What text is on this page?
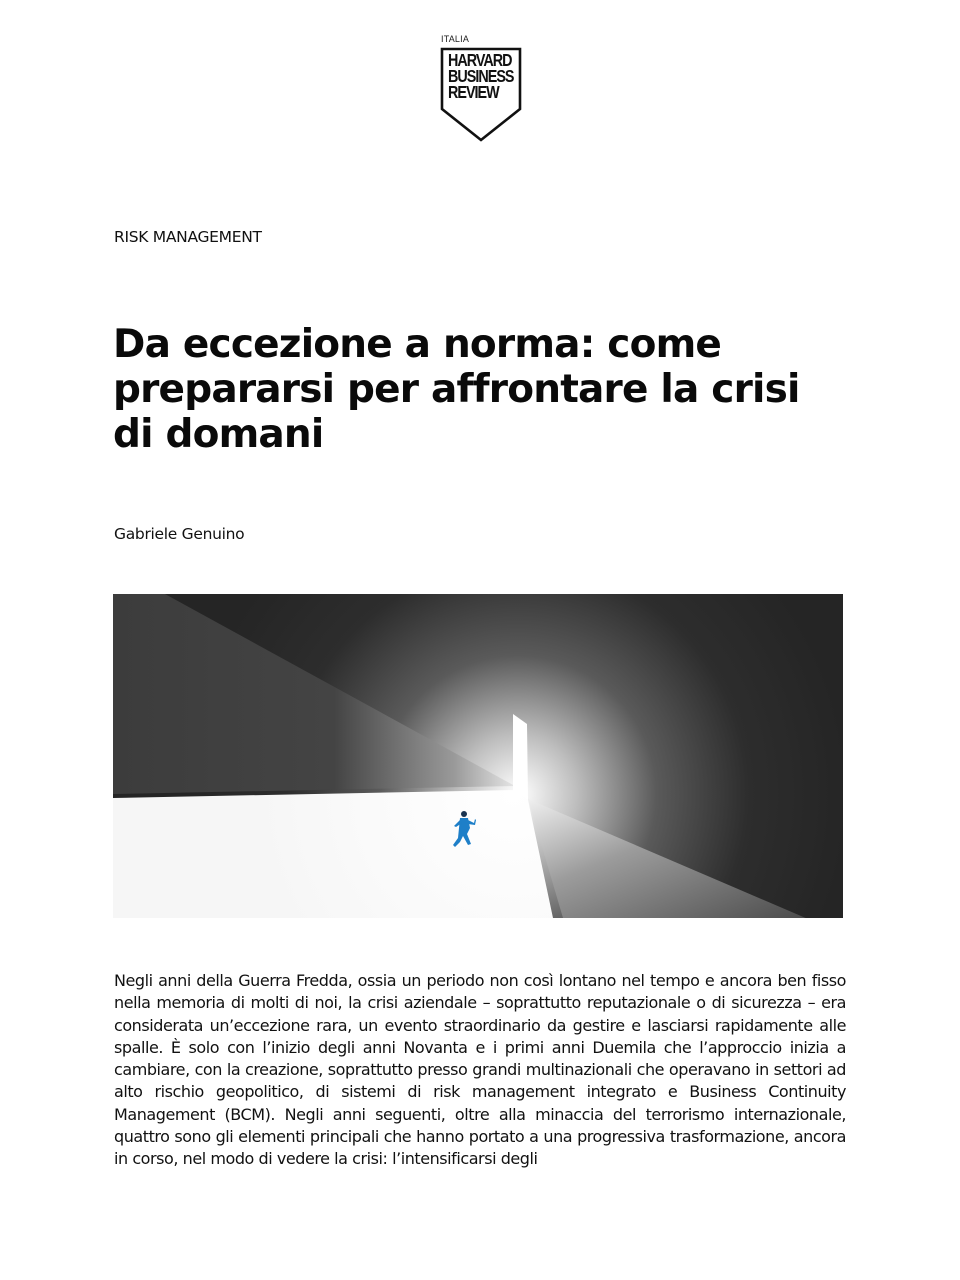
ITALIA
HARVARD
BUSINESS
REVIEW
RISK MANAGEMENT
Da eccezione a norma: come prepararsi per affrontare la crisi di domani
Gabriele Genuino

Negli anni della Guerra Fredda, ossia un periodo non così lontano nel tempo e ancora ben fisso nella memoria di molti di noi, la crisi aziendale – soprattutto reputazionale o di sicurezza – era considerata un’eccezione rara, un evento straordinario da gestire e lasciarsi rapidamente alle spalle. È solo con l’inizio degli anni Novanta e i primi anni Duemila che l’approccio inizia a cambiare, con la creazione, soprattutto presso grandi multinazionali che operavano in settori ad alto rischio geopolitico, di sistemi di risk management integrato e Business Continuity Management (BCM). Negli anni seguenti, oltre alla minaccia del terrorismo internazionale, quattro sono gli elementi principali che hanno portato a una progressiva trasformazione, ancora in corso, nel modo di vedere la crisi: l’intensificarsi degli
